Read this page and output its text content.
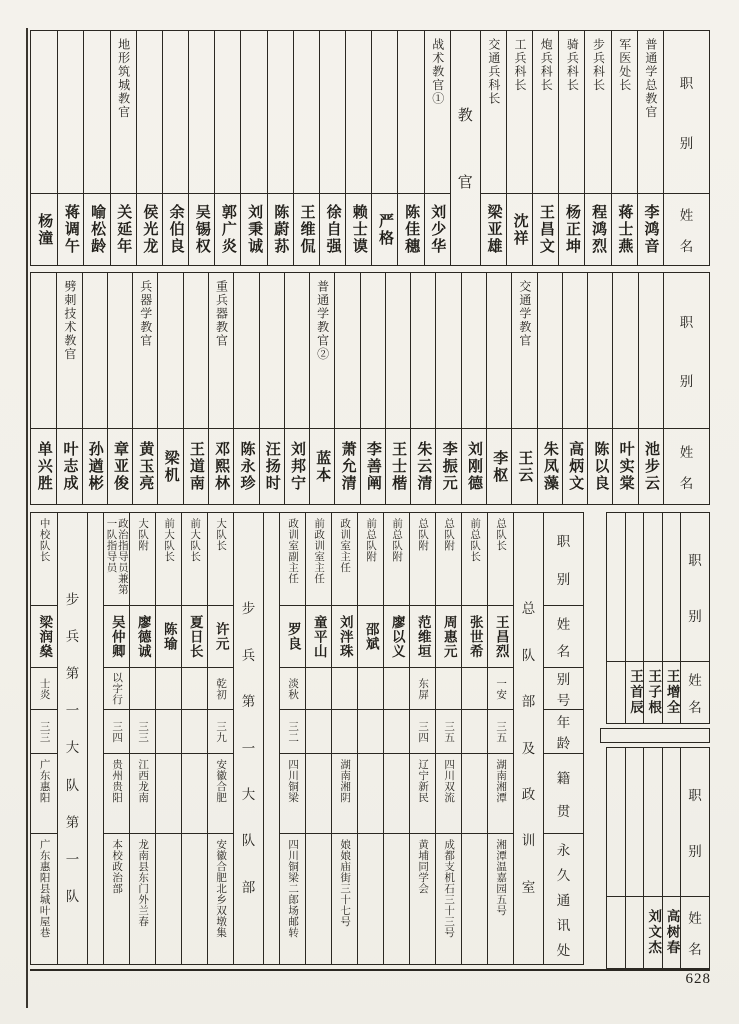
职
别
姓
名
普通学总教官
李鸿音
军医处长
蒋士燕
步兵科长
程鸿烈
骑兵科长
杨正坤
炮兵科长
王昌文
工兵科长
沈祥
交通兵科长
梁亚雄
教
官
战术教官①
刘少华
陈佳穗
严格
赖士谟
徐自强
王维侃
陈蔚荪
刘秉诚
郭广炎
吴锡权
余伯良
侯光龙
地形筑城教官
关延年
喻松龄
蒋调午
杨潼
职
别
姓
名
池步云
叶实棠
陈以良
高炳文
朱凤藻
交通学教官
王云
李枢
刘刚德
李振元
朱云清
王士楷
李善阐
萧允清
普通学教官②
蓝本
刘邦宁
汪扬时
陈永珍
重兵器教官
邓熙林
王道南
梁机
兵器学教官
黄玉亮
章亚俊
孙遒彬
劈刺技术教官
叶志成
单兴胜
职
别
姓
名
别
号
年
龄
籍
贯
永
久
通
讯
处
总
队
部
及
政
训
室
总队长
王昌烈
一安
三五
湖南湘潭
湘潭温嘉园五号
前总队长
张世希
总队附
周惠元
三五
四川双流
成都支机石三十三号
总队附
范维垣
东屏
三四
辽宁新民
黄埔同学会
前总队附
廖以义
前总队附
邵斌
政训室主任
刘泮珠
湖南湘阴
娘娘庙街三十七号
前政训室主任
童平山
政训室副主任
罗良
淡秋
三二
四川铜梁
四川铜梁二郎场邮转
步
兵
第
一
大
队
部
大队长
许元
乾初
三九
安徽合肥
安徽合肥北乡双墩集
前大队长
夏日长
前大队长
陈瑜
大队附
廖德诚
三三
江西龙南
龙南县东门外兰春
政治指导员兼第一队指导员
吴仲卿
以字行
三四
贵州贵阳
本校政治部
步
兵
第
一
大
队
第
一
队
中校队长
梁润燊
士炎
三三
广东惠阳
广东惠阳县城叶屋巷
职
别
姓
名
王增全
王子根
王首辰
职
别
姓
名
高树春
刘文杰
628
